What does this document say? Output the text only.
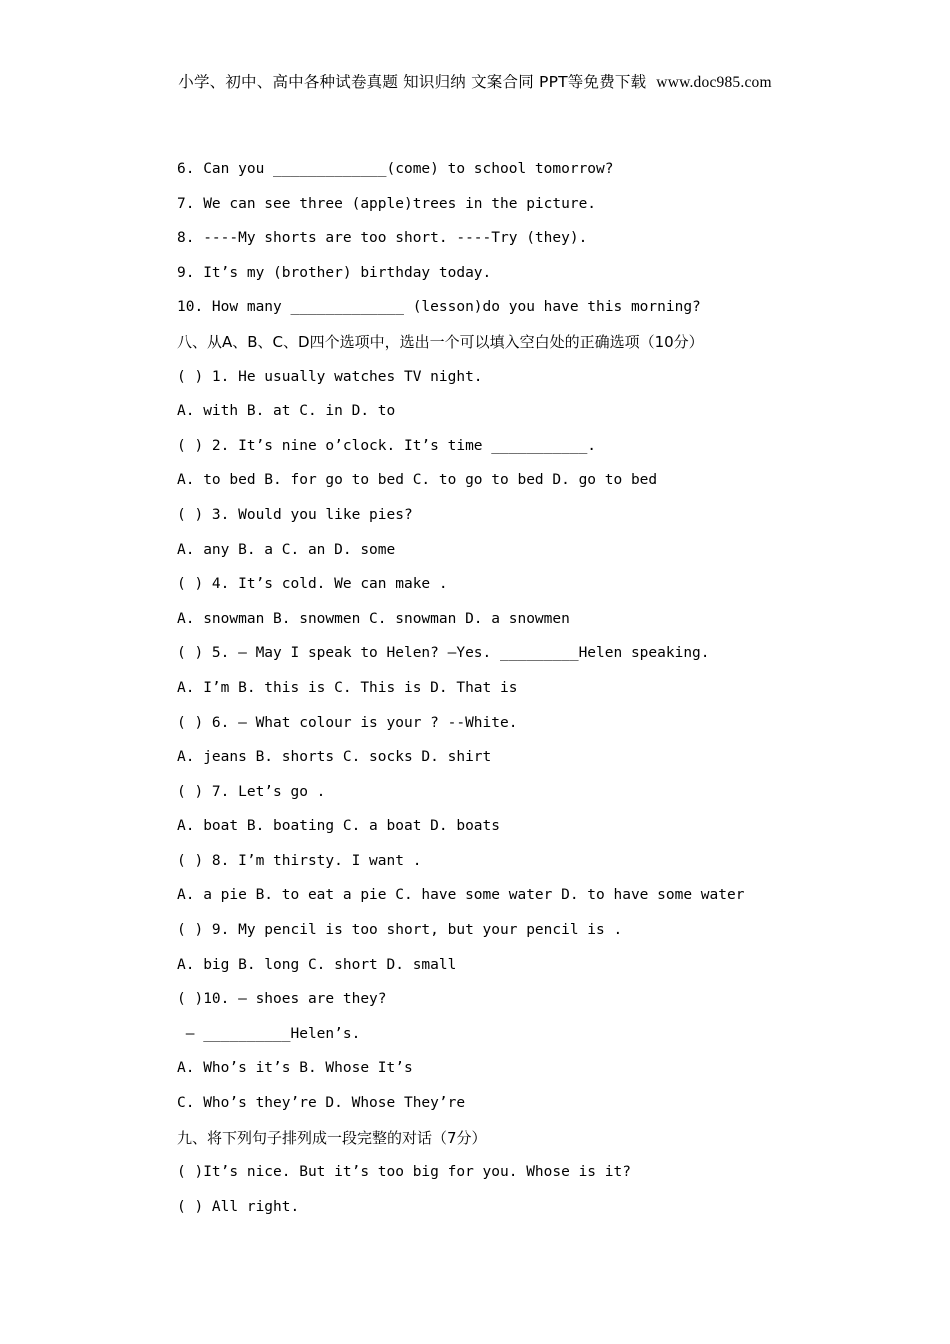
小学、初中、高中各种试卷真题 知识归纳 文案合同 PPT等免费下载 www.doc985.com
6. Can you _____________(come) to school tomorrow?
7. We can see three (apple)trees in the picture.
8. ----My shorts are too short. ----Try (they).
9. It’s my (brother) birthday today.
10. How many _____________ (lesson)do you have this morning?
八、从A、B、C、D四个选项中，选出一个可以填入空白处的正确选项（10分）
( ) 1. He usually watches TV night.
A. with B. at C. in D. to
( ) 2. It’s nine o’clock. It’s time ___________.
A. to bed B. for go to bed C. to go to bed D. go to bed
( ) 3. Would you like pies?
A. any B. a C. an D. some
( ) 4. It’s cold. We can make .
A. snowman B. snowmen C. snowman D. a snowmen
( ) 5. – May I speak to Helen? –Yes. _________Helen speaking.
A. I’m B. this is C. This is D. That is
( ) 6. – What colour is your ? --White.
A. jeans B. shorts C. socks D. shirt
( ) 7. Let’s go .
A. boat B. boating C. a boat D. boats
( ) 8. I’m thirsty. I want .
A. a pie B. to eat a pie C. have some water D. to have some water
( ) 9. My pencil is too short, but your pencil is .
A. big B. long C. short D. small
( )10. – shoes are they?
– __________Helen’s.
A. Who’s it’s B. Whose It’s
C. Who’s they’re D. Whose They’re
九、将下列句子排列成一段完整的对话（7分）
( )It’s nice. But it’s too big for you. Whose is it?
( ) All right.
